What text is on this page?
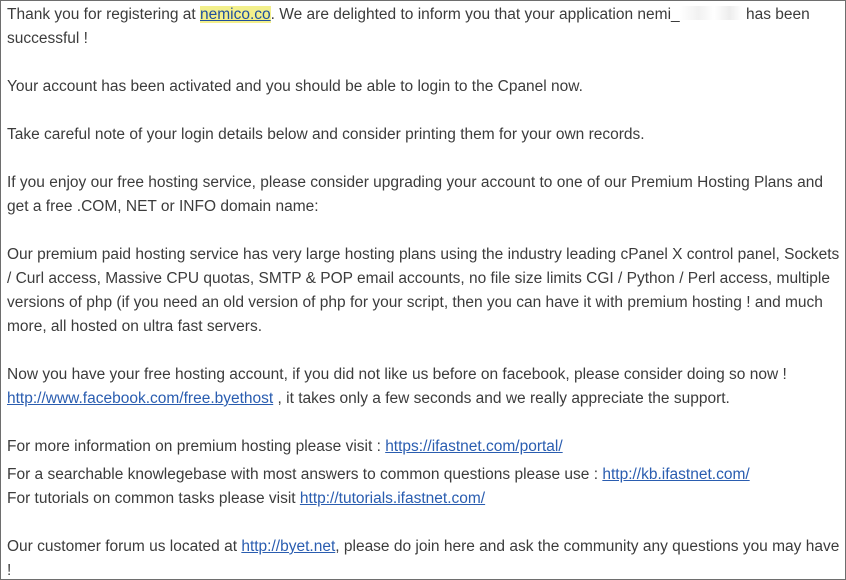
Thank you for registering at nemico.co. We are delighted to inform you that your application nemi_	has been successful !
Your account has been activated and you should be able to login to the Cpanel now.
Take careful note of your login details below and consider printing them for your own records.
If you enjoy our free hosting service, please consider upgrading your account to one of our Premium Hosting Plans and get a free .COM, NET or INFO domain name:
Our premium paid hosting service has very large hosting plans using the industry leading cPanel X control panel, Sockets / Curl access, Massive CPU quotas, SMTP & POP email accounts, no file size limits CGI / Python / Perl access, multiple versions of php (if you need an old version of php for your script, then you can have it with premium hosting ! and much more, all hosted on ultra fast servers.
Now you have your free hosting account, if you did not like us before on facebook, please consider doing so now !
http://www.facebook.com/free.byethost , it takes only a few seconds and we really appreciate the support.
For more information on premium hosting please visit : https://ifastnet.com/portal/
For a searchable knowlegebase with most answers to common questions please use : http://kb.ifastnet.com/
For tutorials on common tasks please visit http://tutorials.ifastnet.com/
Our customer forum us located at http://byet.net, please do join here and ask the community any questions you may have !
